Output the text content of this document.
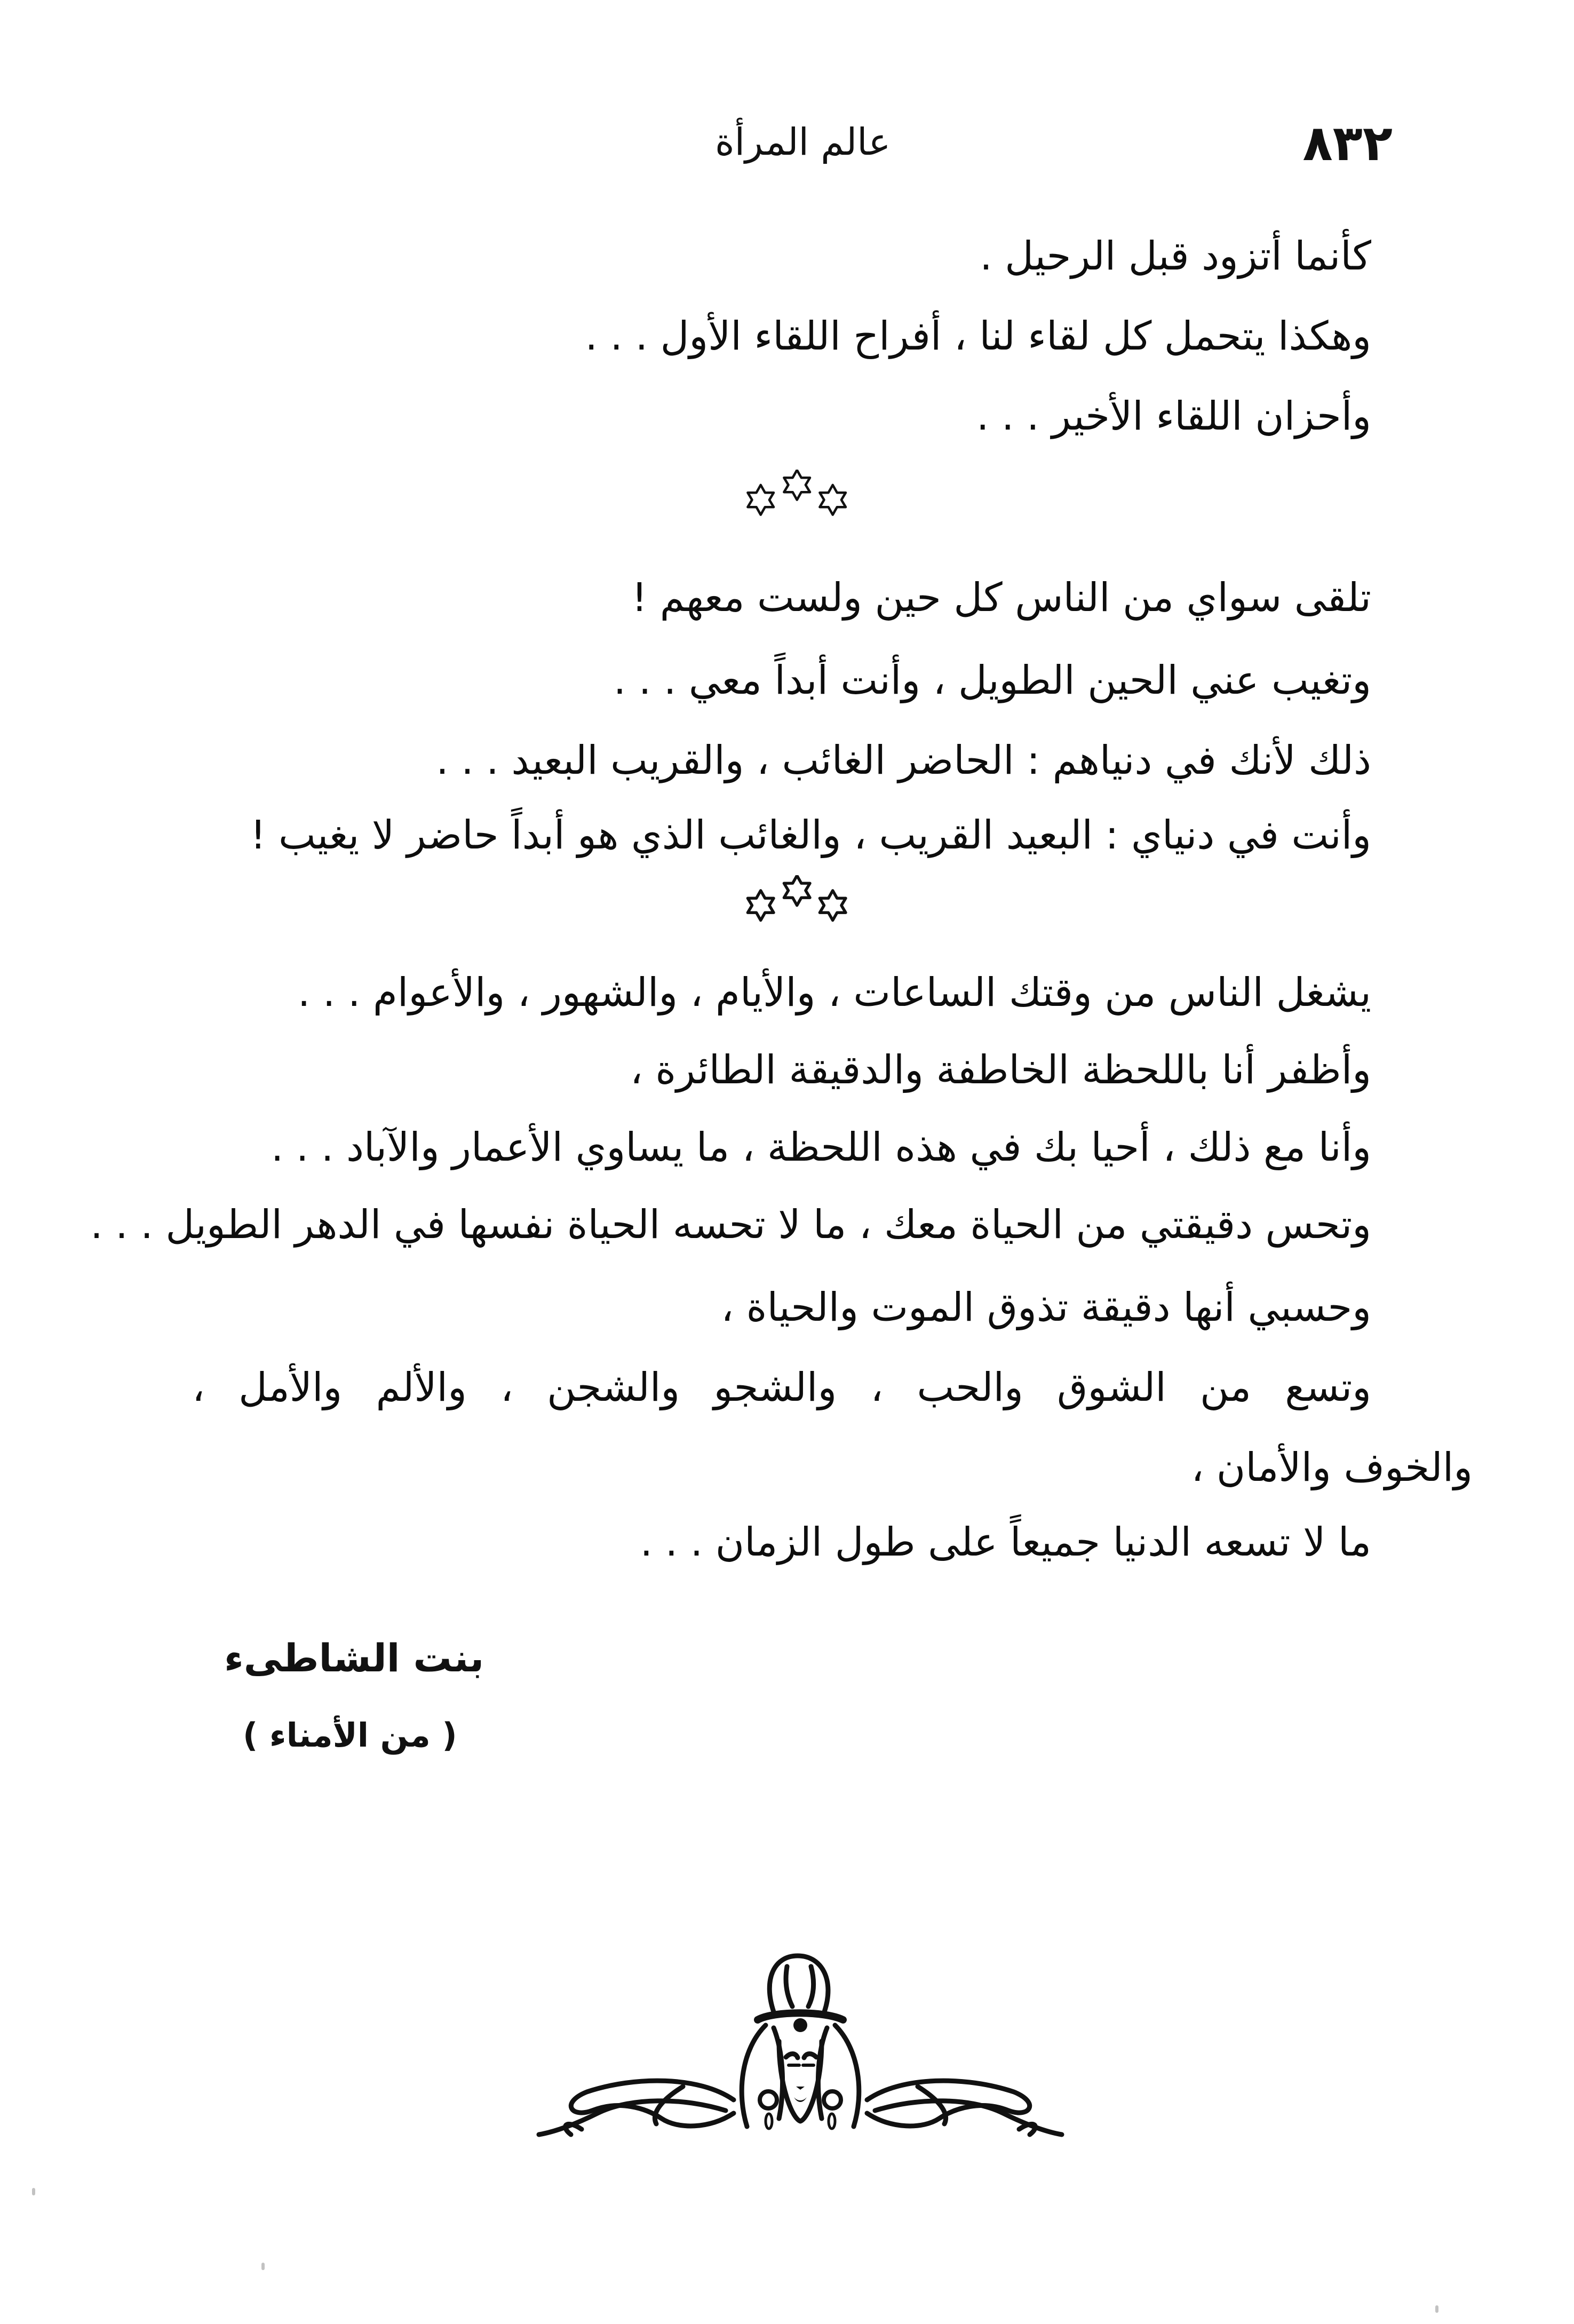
٨٣٢
عالم المرأة
كأنما أتزود قبل الرحيل .
وهكذا يتحمل كل لقاء لنا ، أفراح اللقاء الأول . . .
وأحزان اللقاء الأخير . . .
تلقى سواي من الناس كل حين ولست معهم !
وتغيب عني الحين الطويل ، وأنت أبداً معي . . .
ذلك لأنك في دنياهم : الحاضر الغائب ، والقريب البعيد . . .
وأنت في دنياي : البعيد القريب ، والغائب الذي هو أبداً حاضر لا يغيب !
يشغل الناس من وقتك الساعات ، والأيام ، والشهور ، والأعوام . . .
وأظفر أنا باللحظة الخاطفة والدقيقة الطائرة ،
وأنا مع ذلك ، أحيا بك في هذه اللحظة ، ما يساوي الأعمار والآباد . . .
وتحس دقيقتي من الحياة معك ، ما لا تحسه الحياة نفسها في الدهر الطويل . . .
وحسبي أنها دقيقة تذوق الموت والحياة ،
وتسع من الشوق والحب ، والشجو والشجن ، والألم والأمل ،
والخوف والأمان ،
ما لا تسعه الدنيا جميعاً على طول الزمان . . .
بنت الشاطىء
( من الأمناء )
